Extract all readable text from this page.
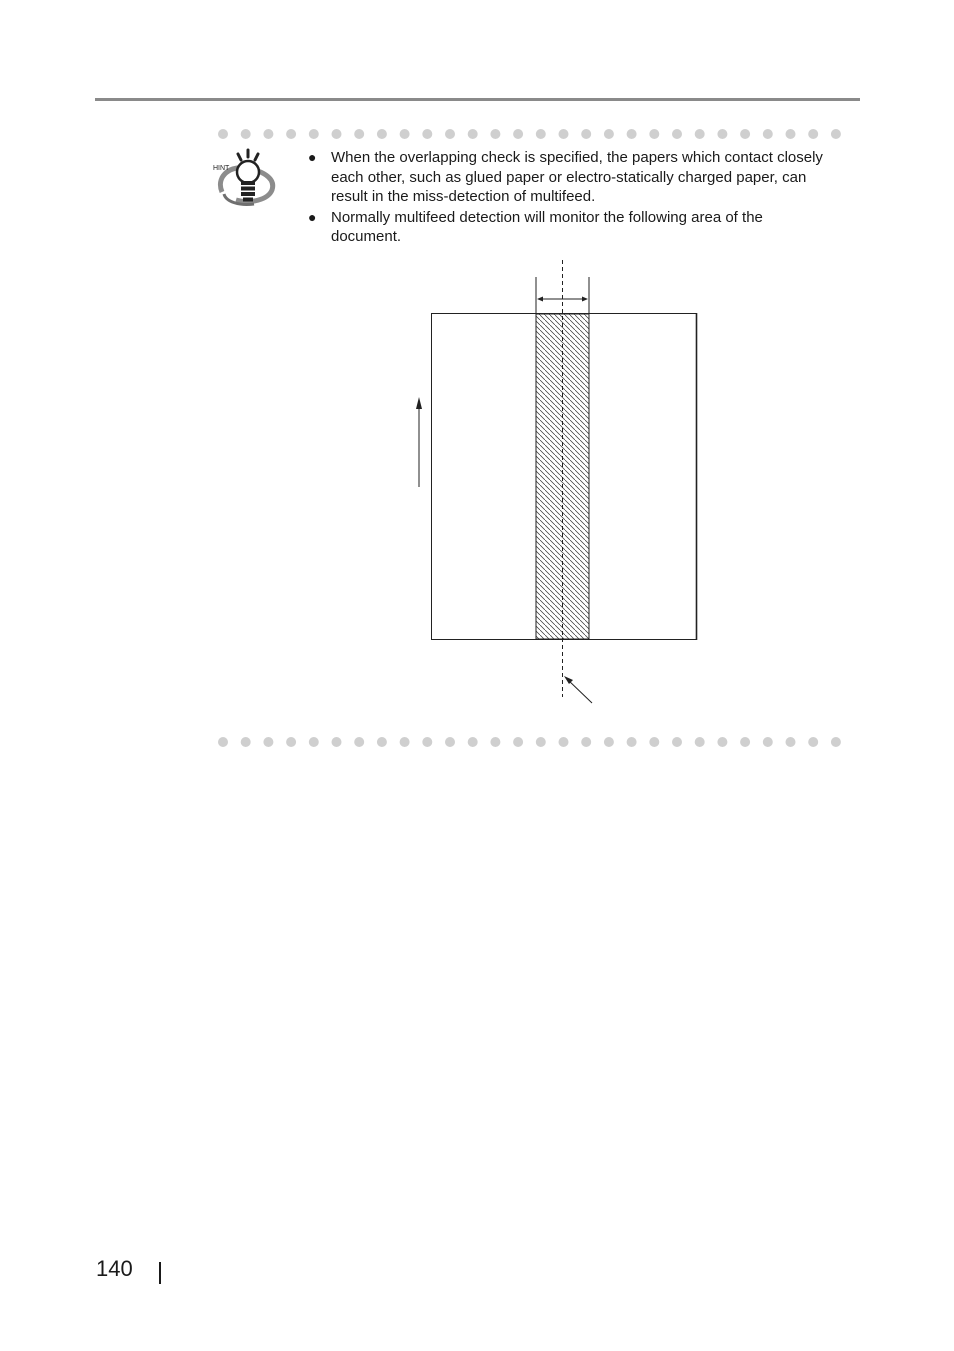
HINT
● When the overlapping check is specified, the papers which contact closely each other, such as glued paper or electro-statically charged paper, can result in the miss-detection of multifeed.
● Normally multifeed detection will monitor the following area of the document.
140
